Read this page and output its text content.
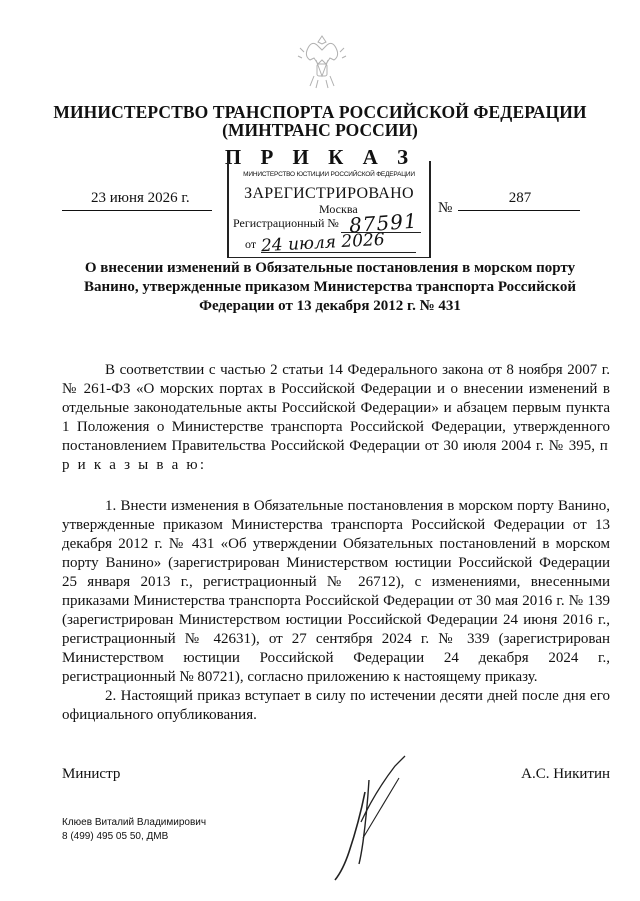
МИНИСТЕРСТВО ТРАНСПОРТА РОССИЙСКОЙ ФЕДЕРАЦИИ
(МИНТРАНС РОССИИ)
П Р И К А З
23 июня 2026 г.
№
287
МИНИСТЕРСТВО ЮСТИЦИИ РОССИЙСКОЙ ФЕДЕРАЦИИ
ЗАРЕГИСТРИРОВАНО
Москва
Регистрационный № 87591
от 24 июля 2026
О внесении изменений в Обязательные постановления в морском порту Ванино, утвержденные приказом Министерства транспорта Российской Федерации от 13 декабря 2012 г. № 431
В соответствии с частью 2 статьи 14 Федерального закона от 8 ноября 2007 г. № 261-ФЗ «О морских портах в Российской Федерации и о внесении изменений в отдельные законодательные акты Российской Федерации» и абзацем первым пункта 1 Положения о Министерстве транспорта Российской Федерации, утвержденного постановлением Правительства Российской Федерации от 30 июля 2004 г. № 395, п р и к а з ы в а ю:
1. Внести изменения в Обязательные постановления в морском порту Ванино, утвержденные приказом Министерства транспорта Российской Федерации от 13 декабря 2012 г. № 431 «Об утверждении Обязательных постановлений в морском порту Ванино» (зарегистрирован Министерством юстиции Российской Федерации 25 января 2013 г., регистрационный № 26712), с изменениями, внесенными приказами Министерства транспорта Российской Федерации от 30 мая 2016 г. № 139 (зарегистрирован Министерством юстиции Российской Федерации 24 июня 2016 г., регистрационный № 42631), от 27 сентября 2024 г. № 339 (зарегистрирован Министерством юстиции Российской Федерации 24 декабря 2024 г., регистрационный № 80721), согласно приложению к настоящему приказу.
2. Настоящий приказ вступает в силу по истечении десяти дней после дня его официального опубликования.
Министр	А.С. Никитин
Клюев Виталий Владимирович
8 (499) 495 05 50, ДМВ
